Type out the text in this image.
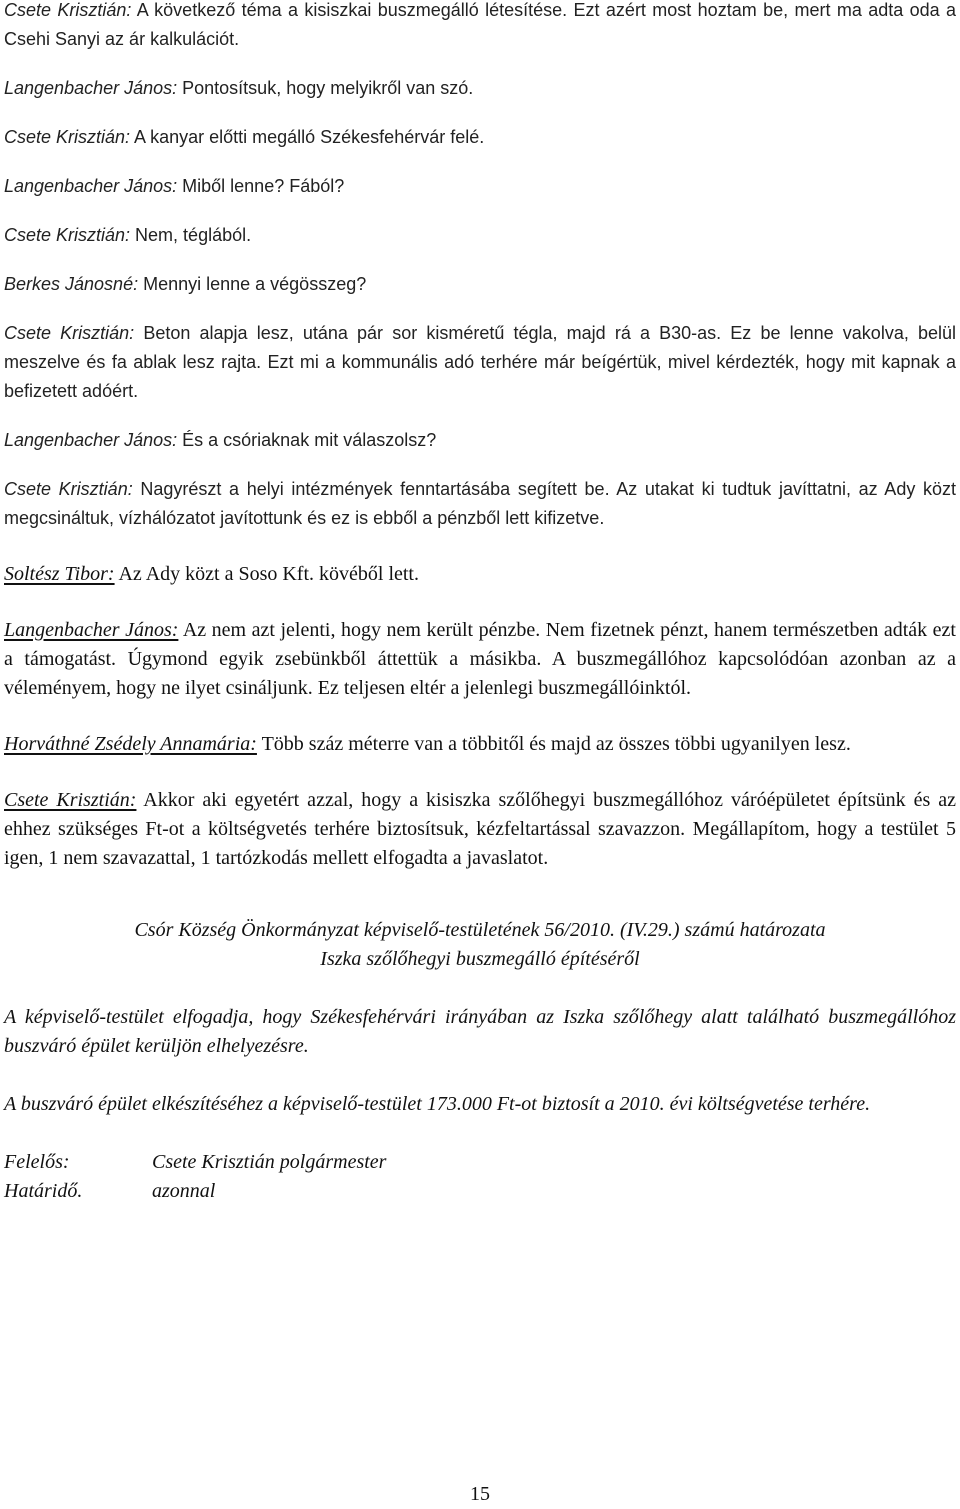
Csete Krisztián: A következő téma a kisiszkai buszmegálló létesítése. Ezt azért most hoztam be, mert ma adta oda a Csehi Sanyi az ár kalkulációt.

Langenbacher János: Pontosítsuk, hogy melyikről van szó.

Csete Krisztián: A kanyar előtti megálló Székesfehérvár felé.

Langenbacher János: Miből lenne? Fából?

Csete Krisztián: Nem, téglából.

Berkes Jánosné: Mennyi lenne a végösszeg?

Csete Krisztián: Beton alapja lesz, utána pár sor kisméretű tégla, majd rá a B30-as. Ez be lenne vakolva, belül meszelve és fa ablak lesz rajta. Ezt mi a kommunális adó terhére már beígértük, mivel kérdezték, hogy mit kapnak a befizetett adóért.

Langenbacher János: És a csóriaknak mit válaszolsz?

Csete Krisztián: Nagyrészt a helyi intézmények fenntartásába segített be. Az utakat ki tudtuk javíttatni, az Ady közt megcsináltuk, vízhálózatot javítottunk és ez is ebből a pénzből lett kifizetve.

Soltész Tibor: Az Ady közt a Soso Kft. kövéből lett.

Langenbacher János: Az nem azt jelenti, hogy nem került pénzbe. Nem fizetnek pénzt, hanem természetben adták ezt a támogatást. Úgymond egyik zsebünkből áttettük a másikba. A buszmegállóhoz kapcsolódóan azonban az a véleményem, hogy ne ilyet csináljunk. Ez teljesen eltér a jelenlegi buszmegállóinktól.

Horváthné Zsédely Annamária: Több száz méterre van a többitől és majd az összes többi ugyanilyen lesz.

Csete Krisztián: Akkor aki egyetért azzal, hogy a kisiszka szőlőhegyi buszmegállóhoz váróépületet építsünk és az ehhez szükséges Ft-ot a költségvetés terhére biztosítsuk, kézfeltartással szavazzon. Megállapítom, hogy a testület 5 igen, 1 nem szavazattal, 1 tartózkodás mellett elfogadta a javaslatot.

Csór Község Önkormányzat képviselő-testületének 56/2010. (IV.29.) számú határozata

Iszka szőlőhegyi buszmegálló építéséről

A képviselő-testület elfogadja, hogy Székesfehérvári irányában az Iszka szőlőhegy alatt található buszmegállóhoz buszváró épület kerüljön elhelyezésre.

A buszváró épület elkészítéséhez a képviselő-testület 173.000 Ft-ot biztosít a 2010. évi költségvetése terhére.

Felelős:	Csete Krisztián polgármester
Határidő.	azonnal
15
